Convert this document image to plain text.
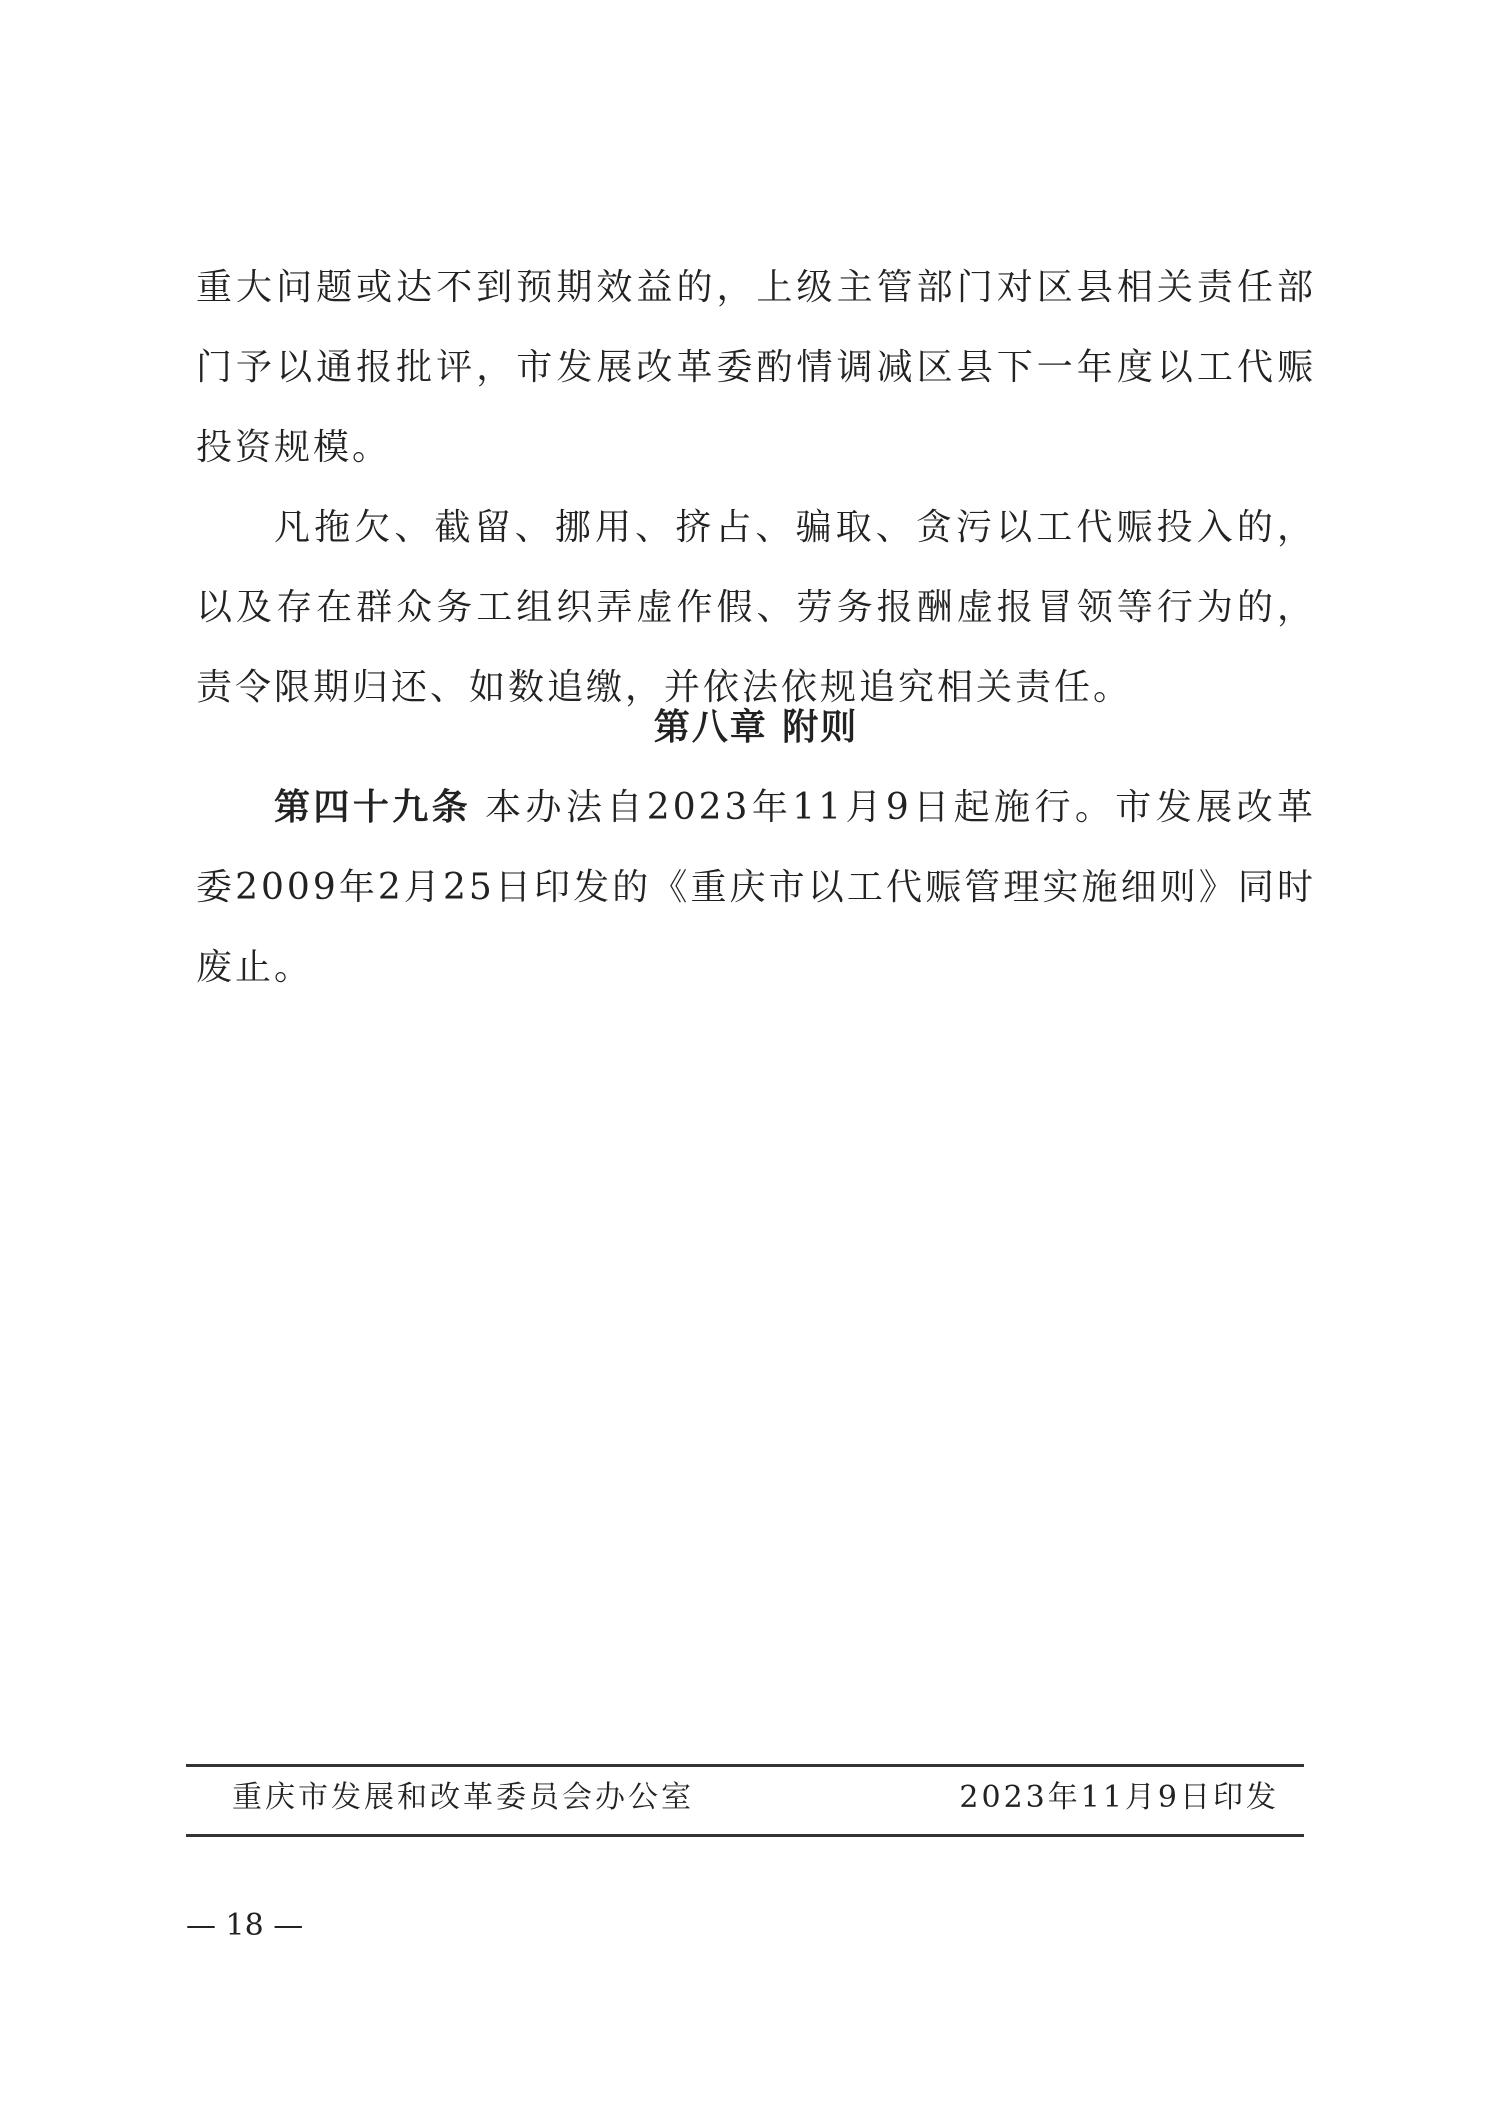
重大问题或达不到预期效益的，上级主管部门对区县相关责任部门予以通报批评，市发展改革委酌情调减区县下一年度以工代赈投资规模。

凡拖欠、截留、挪用、挤占、骗取、贪污以工代赈投入的，以及存在群众务工组织弄虚作假、劳务报酬虚报冒领等行为的，责令限期归还、如数追缴，并依法依规追究相关责任。

第八章 附则

第四十九条 本办法自2023年11月9日起施行。市发展改革委2009年2月25日印发的《重庆市以工代赈管理实施细则》同时废止。

重庆市发展和改革委员会办公室	2023年11月9日印发
— 18 —
